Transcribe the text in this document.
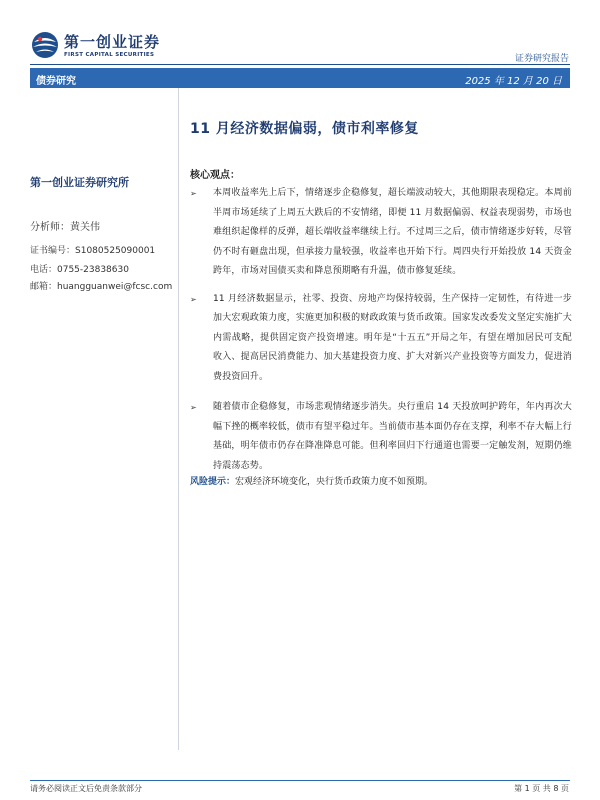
第一创业证券
FIRST CAPITAL SECURITIES	证券研究报告
债券研究	2025 年 12 月 20 日
11 月经济数据偏弱，债市利率修复
第一创业证券研究所
分析师：黄关伟
证书编号：S1080525090001
电话：0755-23838630
邮箱：huangguanwei@fcsc.com
核心观点：
➢ 本周收益率先上后下，情绪逐步企稳修复，超长端波动较大，其他期限表现稳定。本周前半周市场延续了上周五大跌后的不安情绪，即便 11 月数据偏弱、权益表现弱势，市场也难组织起像样的反弹，超长端收益率继续上行。不过周三之后，债市情绪逐步好转，尽管仍不时有砸盘出现，但承接力量较强，收益率也开始下行。周四央行开始投放 14 天资金跨年，市场对国债买卖和降息预期略有升温，债市修复延续。
➢ 11 月经济数据显示，社零、投资、房地产均保持较弱，生产保持一定韧性，有待进一步加大宏观政策力度，实施更加积极的财政政策与货币政策。国家发改委发文坚定实施扩大内需战略，提供固定资产投资增速。明年是“十五五”开局之年，有望在增加居民可支配收入、提高居民消费能力、加大基建投资力度、扩大对新兴产业投资等方面发力，促进消费投资回升。
➢ 随着债市企稳修复，市场悲观情绪逐步消失。央行重启 14 天投放呵护跨年，年内再次大幅下挫的概率较低，债市有望平稳过年。当前债市基本面仍存在支撑，利率不存大幅上行基础，明年债市仍存在降准降息可能。但利率回归下行通道也需要一定触发剂，短期仍维持震荡态势。
风险提示：宏观经济环境变化，央行货币政策力度不如预期。
请务必阅读正文后免责条款部分	第 1 页 共 8 页
